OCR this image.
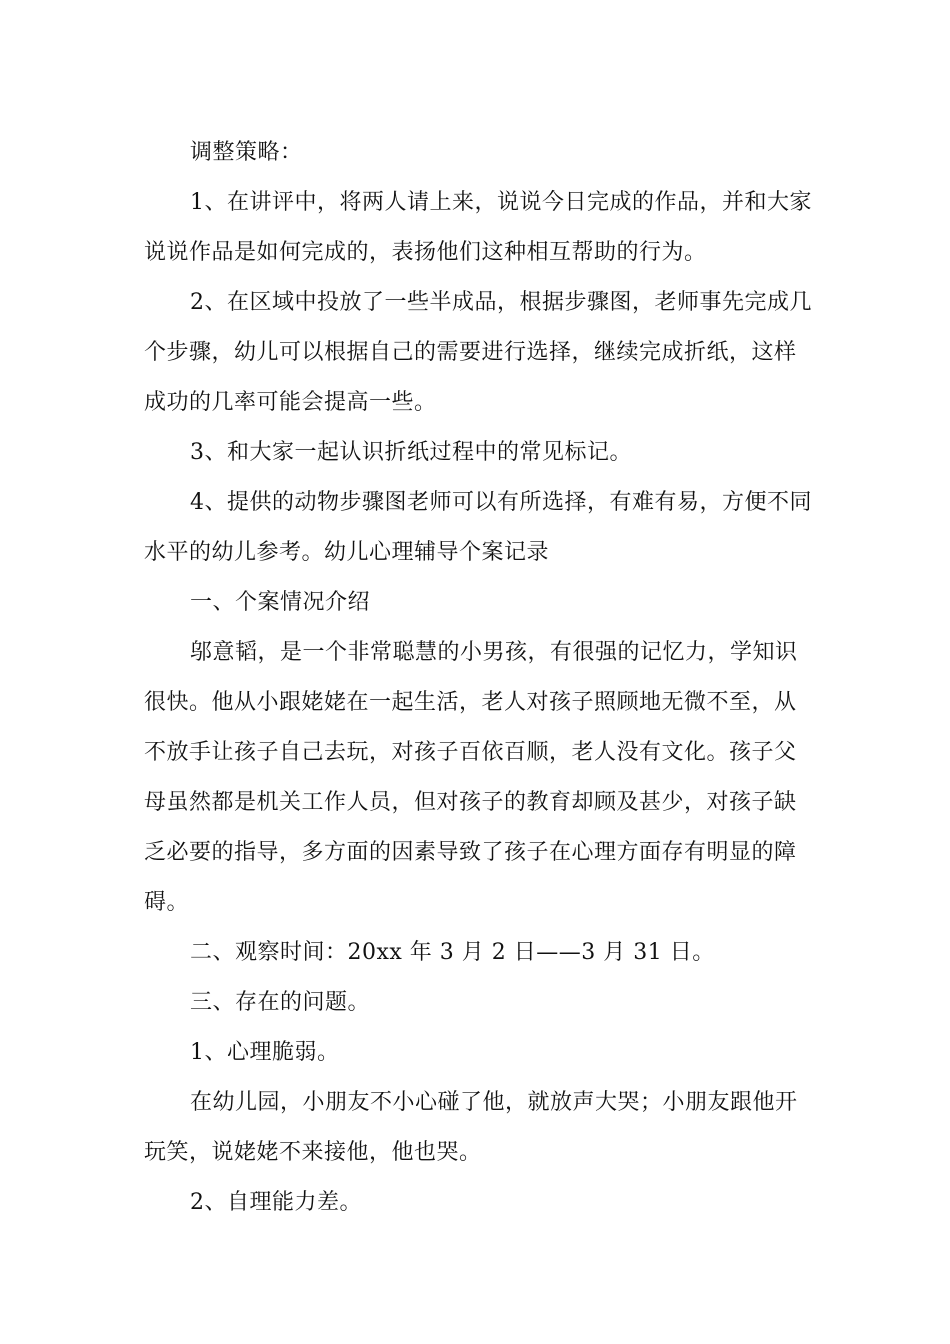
调整策略：

1、在讲评中，将两人请上来，说说今日完成的作品，并和大家
说说作品是如何完成的，表扬他们这种相互帮助的行为。

2、在区域中投放了一些半成品，根据步骤图，老师事先完成几
个步骤，幼儿可以根据自己的需要进行选择，继续完成折纸，这样
成功的几率可能会提高一些。

3、和大家一起认识折纸过程中的常见标记。

4、提供的动物步骤图老师可以有所选择，有难有易，方便不同
水平的幼儿参考。幼儿心理辅导个案记录

一、个案情况介绍

邬意韬，是一个非常聪慧的小男孩，有很强的记忆力，学知识
很快。他从小跟姥姥在一起生活，老人对孩子照顾地无微不至，从
不放手让孩子自己去玩，对孩子百依百顺，老人没有文化。孩子父
母虽然都是机关工作人员，但对孩子的教育却顾及甚少，对孩子缺
乏必要的指导，多方面的因素导致了孩子在心理方面存有明显的障
碍。

二、观察时间：20xx 年 3 月 2 日——3 月 31 日。

三、存在的问题。

1、心理脆弱。

在幼儿园，小朋友不小心碰了他，就放声大哭；小朋友跟他开
玩笑，说姥姥不来接他，他也哭。

2、自理能力差。
